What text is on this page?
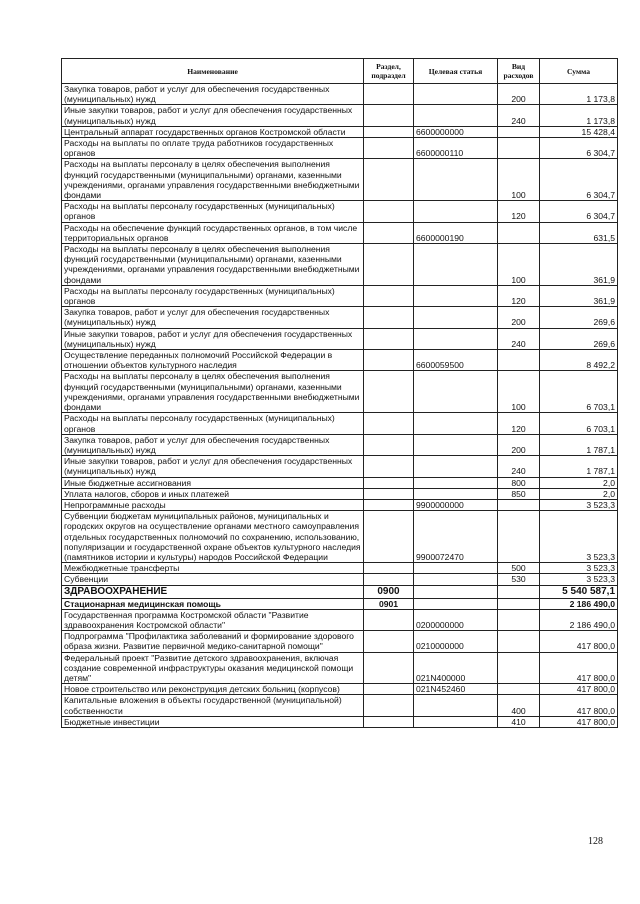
Наименование	Раздел, подраздел	Целевая статья	Вид расходов	Сумма
Закупка товаров, работ и услуг для обеспечения государственных (муниципальных) нужд			200	1 173,8
Иные закупки товаров, работ и услуг для обеспечения государственных (муниципальных) нужд			240	1 173,8
Центральный аппарат государственных органов Костромской области		6600000000		15 428,4
Расходы на выплаты по оплате труда работников государственных органов		6600000110		6 304,7
Расходы на выплаты персоналу в целях обеспечения выполнения функций государственными (муниципальными) органами, казенными учреждениями, органами управления государственными внебюджетными фондами			100	6 304,7
Расходы на выплаты персоналу государственных (муниципальных) органов			120	6 304,7
Расходы на обеспечение функций государственных органов, в том числе территориальных органов		6600000190		631,5
Расходы на выплаты персоналу в целях обеспечения выполнения функций государственными (муниципальными) органами, казенными учреждениями, органами управления государственными внебюджетными фондами			100	361,9
Расходы на выплаты персоналу государственных (муниципальных) органов			120	361,9
Закупка товаров, работ и услуг для обеспечения государственных (муниципальных) нужд			200	269,6
Иные закупки товаров, работ и услуг для обеспечения государственных (муниципальных) нужд			240	269,6
Осуществление переданных полномочий Российской Федерации в отношении объектов культурного наследия		6600059500		8 492,2
Расходы на выплаты персоналу в целях обеспечения выполнения функций государственными (муниципальными) органами, казенными учреждениями, органами управления государственными внебюджетными фондами			100	6 703,1
Расходы на выплаты персоналу государственных (муниципальных) органов			120	6 703,1
Закупка товаров, работ и услуг для обеспечения государственных (муниципальных) нужд			200	1 787,1
Иные закупки товаров, работ и услуг для обеспечения государственных (муниципальных) нужд			240	1 787,1
Иные бюджетные ассигнования			800	2,0
Уплата налогов, сборов и иных платежей			850	2,0
Непрограммные расходы		9900000000		3 523,3
Субвенции бюджетам муниципальных районов, муниципальных и городских округов на осуществление органами местного самоуправления отдельных государственных полномочий по сохранению, использованию, популяризации и государственной охране объектов культурного наследия (памятников истории и культуры) народов Российской Федерации		9900072470		3 523,3
Межбюджетные трансферты			500	3 523,3
Субвенции			530	3 523,3
ЗДРАВООХРАНЕНИЕ	0900			5 540 587,1
Стационарная медицинская помощь	0901			2 186 490,0
Государственная программа Костромской области "Развитие здравоохранения Костромской области"		0200000000		2 186 490,0
Подпрограмма "Профилактика заболеваний и формирование здорового образа жизни. Развитие первичной медико-санитарной помощи"		0210000000		417 800,0
Федеральный проект "Развитие детского здравоохранения, включая создание современной инфраструктуры оказания медицинской помощи детям"		021N400000		417 800,0
Новое строительство или реконструкция детских больниц (корпусов)		021N452460		417 800,0
Капитальные вложения в объекты государственной (муниципальной) собственности			400	417 800,0
Бюджетные инвестиции			410	417 800,0
128
